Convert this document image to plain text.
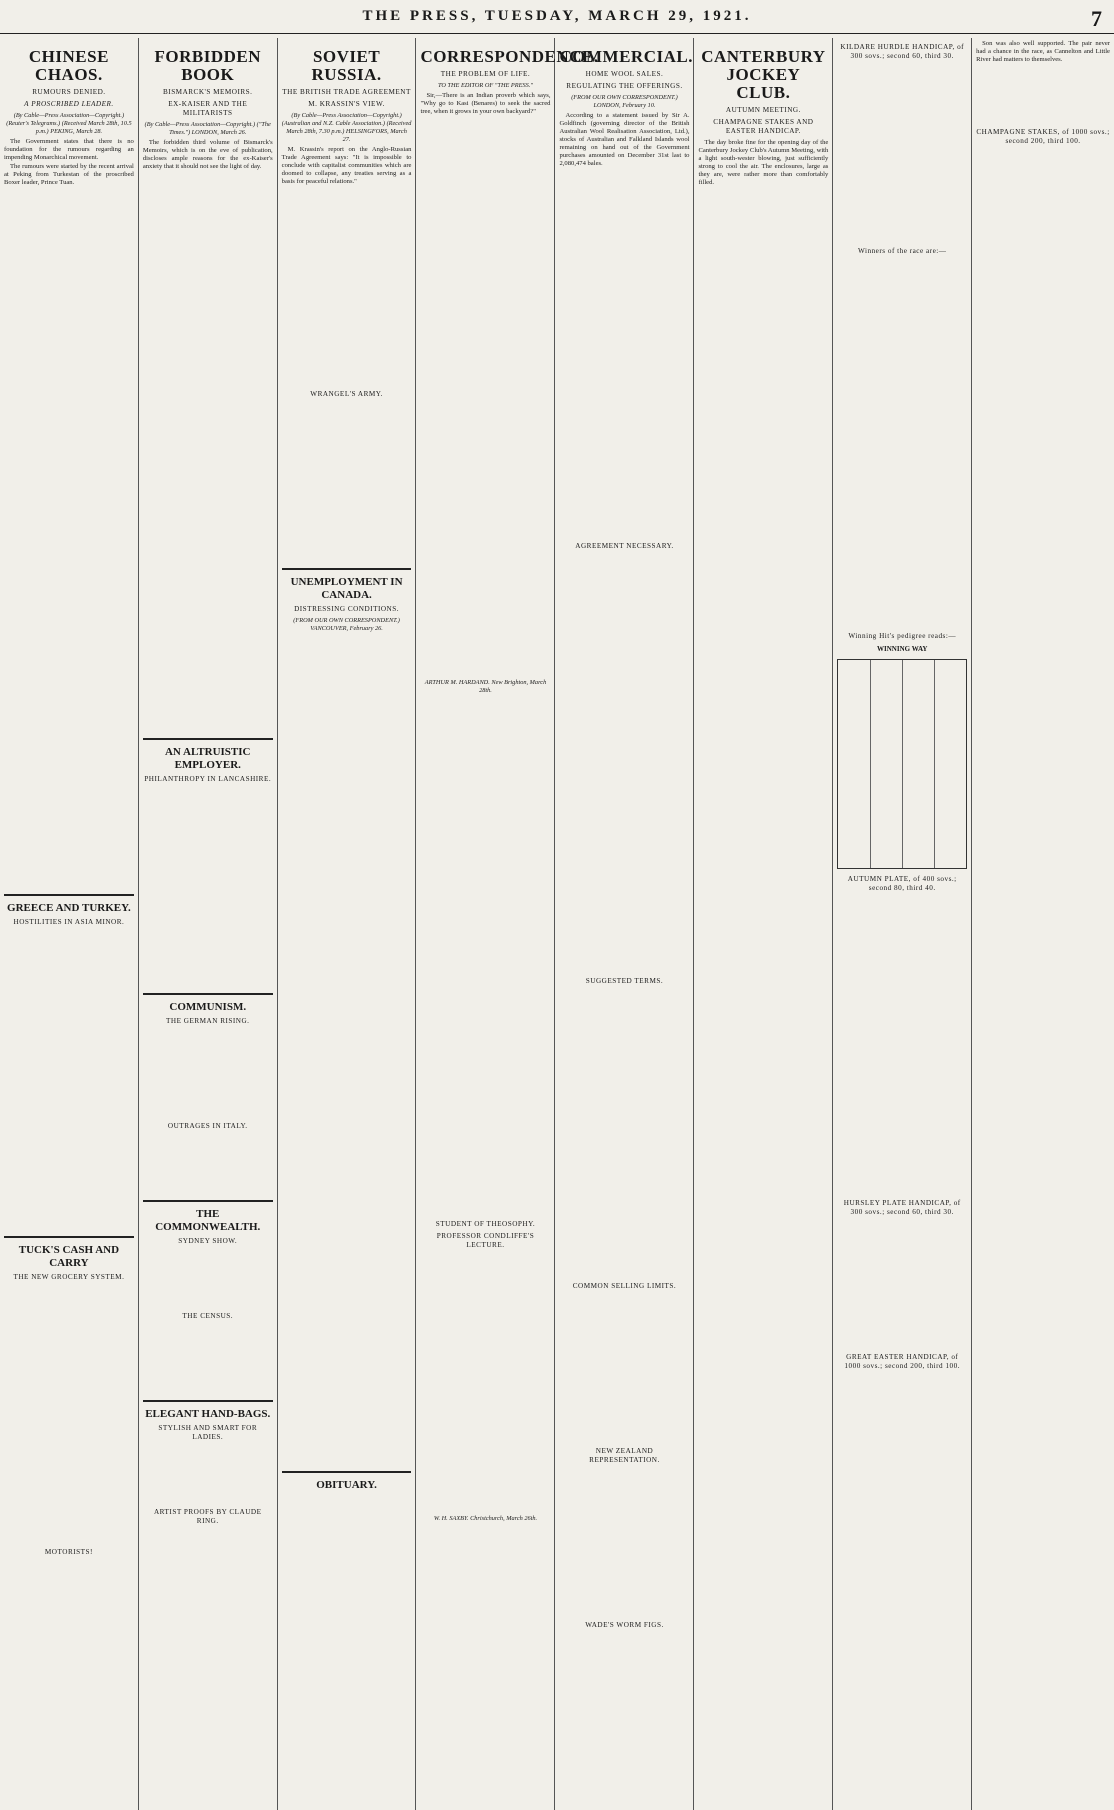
THE PRESS, TUESDAY, MARCH 29, 1921.	7
CHINESE CHAOS.
RUMOURS DENIED.
A PROSCRIBED LEADER.
(By Cable—Press Association—Copyright.) (Reuter's Telegrams.) (Received March 28th, 10.5 p.m.) PEKING, March 28.

The Government states that there is no foundation for the rumours regarding an impending Monarchical movement.

The rumours were started by the recent arrival at Peking from Turkestan of the proscribed Boxer leader, Prince Tuan.

GREECE AND TURKEY.
HOSTILITIES IN ASIA MINOR.
TUCK'S CASH AND CARRY
THE NEW GROCERY SYSTEM.
MOTORISTS!
FORBIDDEN BOOK
BISMARCK'S MEMOIRS.
EX-KAISER AND THE MILITARISTS
(By Cable—Press Association—Copyright.) ("The Times.") LONDON, March 26.

The forbidden third volume of Bismarck's Memoirs, which is on the eve of publication, discloses ample reasons for the ex-Kaiser's anxiety that it should not see the light of day.

AN ALTRUISTIC EMPLOYER.
PHILANTHROPY IN LANCASHIRE.
COMMUNISM.
THE GERMAN RISING.
OUTRAGES IN ITALY.
THE COMMONWEALTH.
SYDNEY SHOW.
THE CENSUS.
ELEGANT HAND-BAGS.
STYLISH AND SMART FOR LADIES.
ARTIST PROOFS BY CLAUDE RING.
SOVIET RUSSIA.
THE BRITISH TRADE AGREEMENT
M. KRASSIN'S VIEW.
(By Cable—Press Association—Copyright.) (Australian and N.Z. Cable Association.) (Received March 28th, 7.30 p.m.) HELSINGFORS, March 27.

M. Krassin's report on the Anglo-Russian Trade Agreement says: "It is impossible to conclude with capitalist communities which are doomed to collapse, any treaties serving as a basis for peaceful relations."

WRANGEL'S ARMY.
UNEMPLOYMENT IN CANADA.
DISTRESSING CONDITIONS.
(FROM OUR OWN CORRESPONDENT.) VANCOUVER, February 26.
OBITUARY.
CORRESPONDENCE.
THE PROBLEM OF LIFE.
TO THE EDITOR OF "THE PRESS."

Sir,—There is an Indian proverb which says, "Why go to Kasi (Benares) to seek the sacred tree, when it grows in your own backyard?"

ARTHUR M. HARDAND. New Brighton, March 28th.
STUDENT OF THEOSOPHY.
PROFESSOR CONDLIFFE'S LECTURE.
W. H. SAXBY. Christchurch, March 26th.
COMMERCIAL.
HOME WOOL SALES.
REGULATING THE OFFERINGS.
(FROM OUR OWN CORRESPONDENT.) LONDON, February 10.

According to a statement issued by Sir A. Goldfinch (governing director of the British Australian Wool Realisation Association, Ltd.), stocks of Australian and Falkland Islands wool remaining on hand out of the Government purchases amounted on December 31st last to 2,080,474 bales.

AGREEMENT NECESSARY.
SUGGESTED TERMS.
COMMON SELLING LIMITS.
NEW ZEALAND REPRESENTATION.
WADE'S WORM FIGS.
CANTERBURY JOCKEY CLUB.
AUTUMN MEETING.
CHAMPAGNE STAKES AND EASTER HANDICAP.

The day broke fine for the opening day of the Canterbury Jockey Club's Autumn Meeting, with a light south-wester blowing, just sufficiently strong to cool the air. The enclosures, large as they are, were rather more than comfortably filled.

KILDARE HURDLE HANDICAP, of 300 sovs.; second 60, third 30.
Winners of the race are:—
Winning Hit's pedigree reads:—
WINNING WAY
AUTUMN PLATE, of 400 sovs.; second 80, third 40.
HURSLEY PLATE HANDICAP, of 300 sovs.; second 60, third 30.
GREAT EASTER HANDICAP, of 1000 sovs.; second 200, third 100.

Son was also well supported. The pair never had a chance in the race, as Cannelton and Little River had matters to themselves.

CHAMPAGNE STAKES, of 1000 sovs.; second 200, third 100.
